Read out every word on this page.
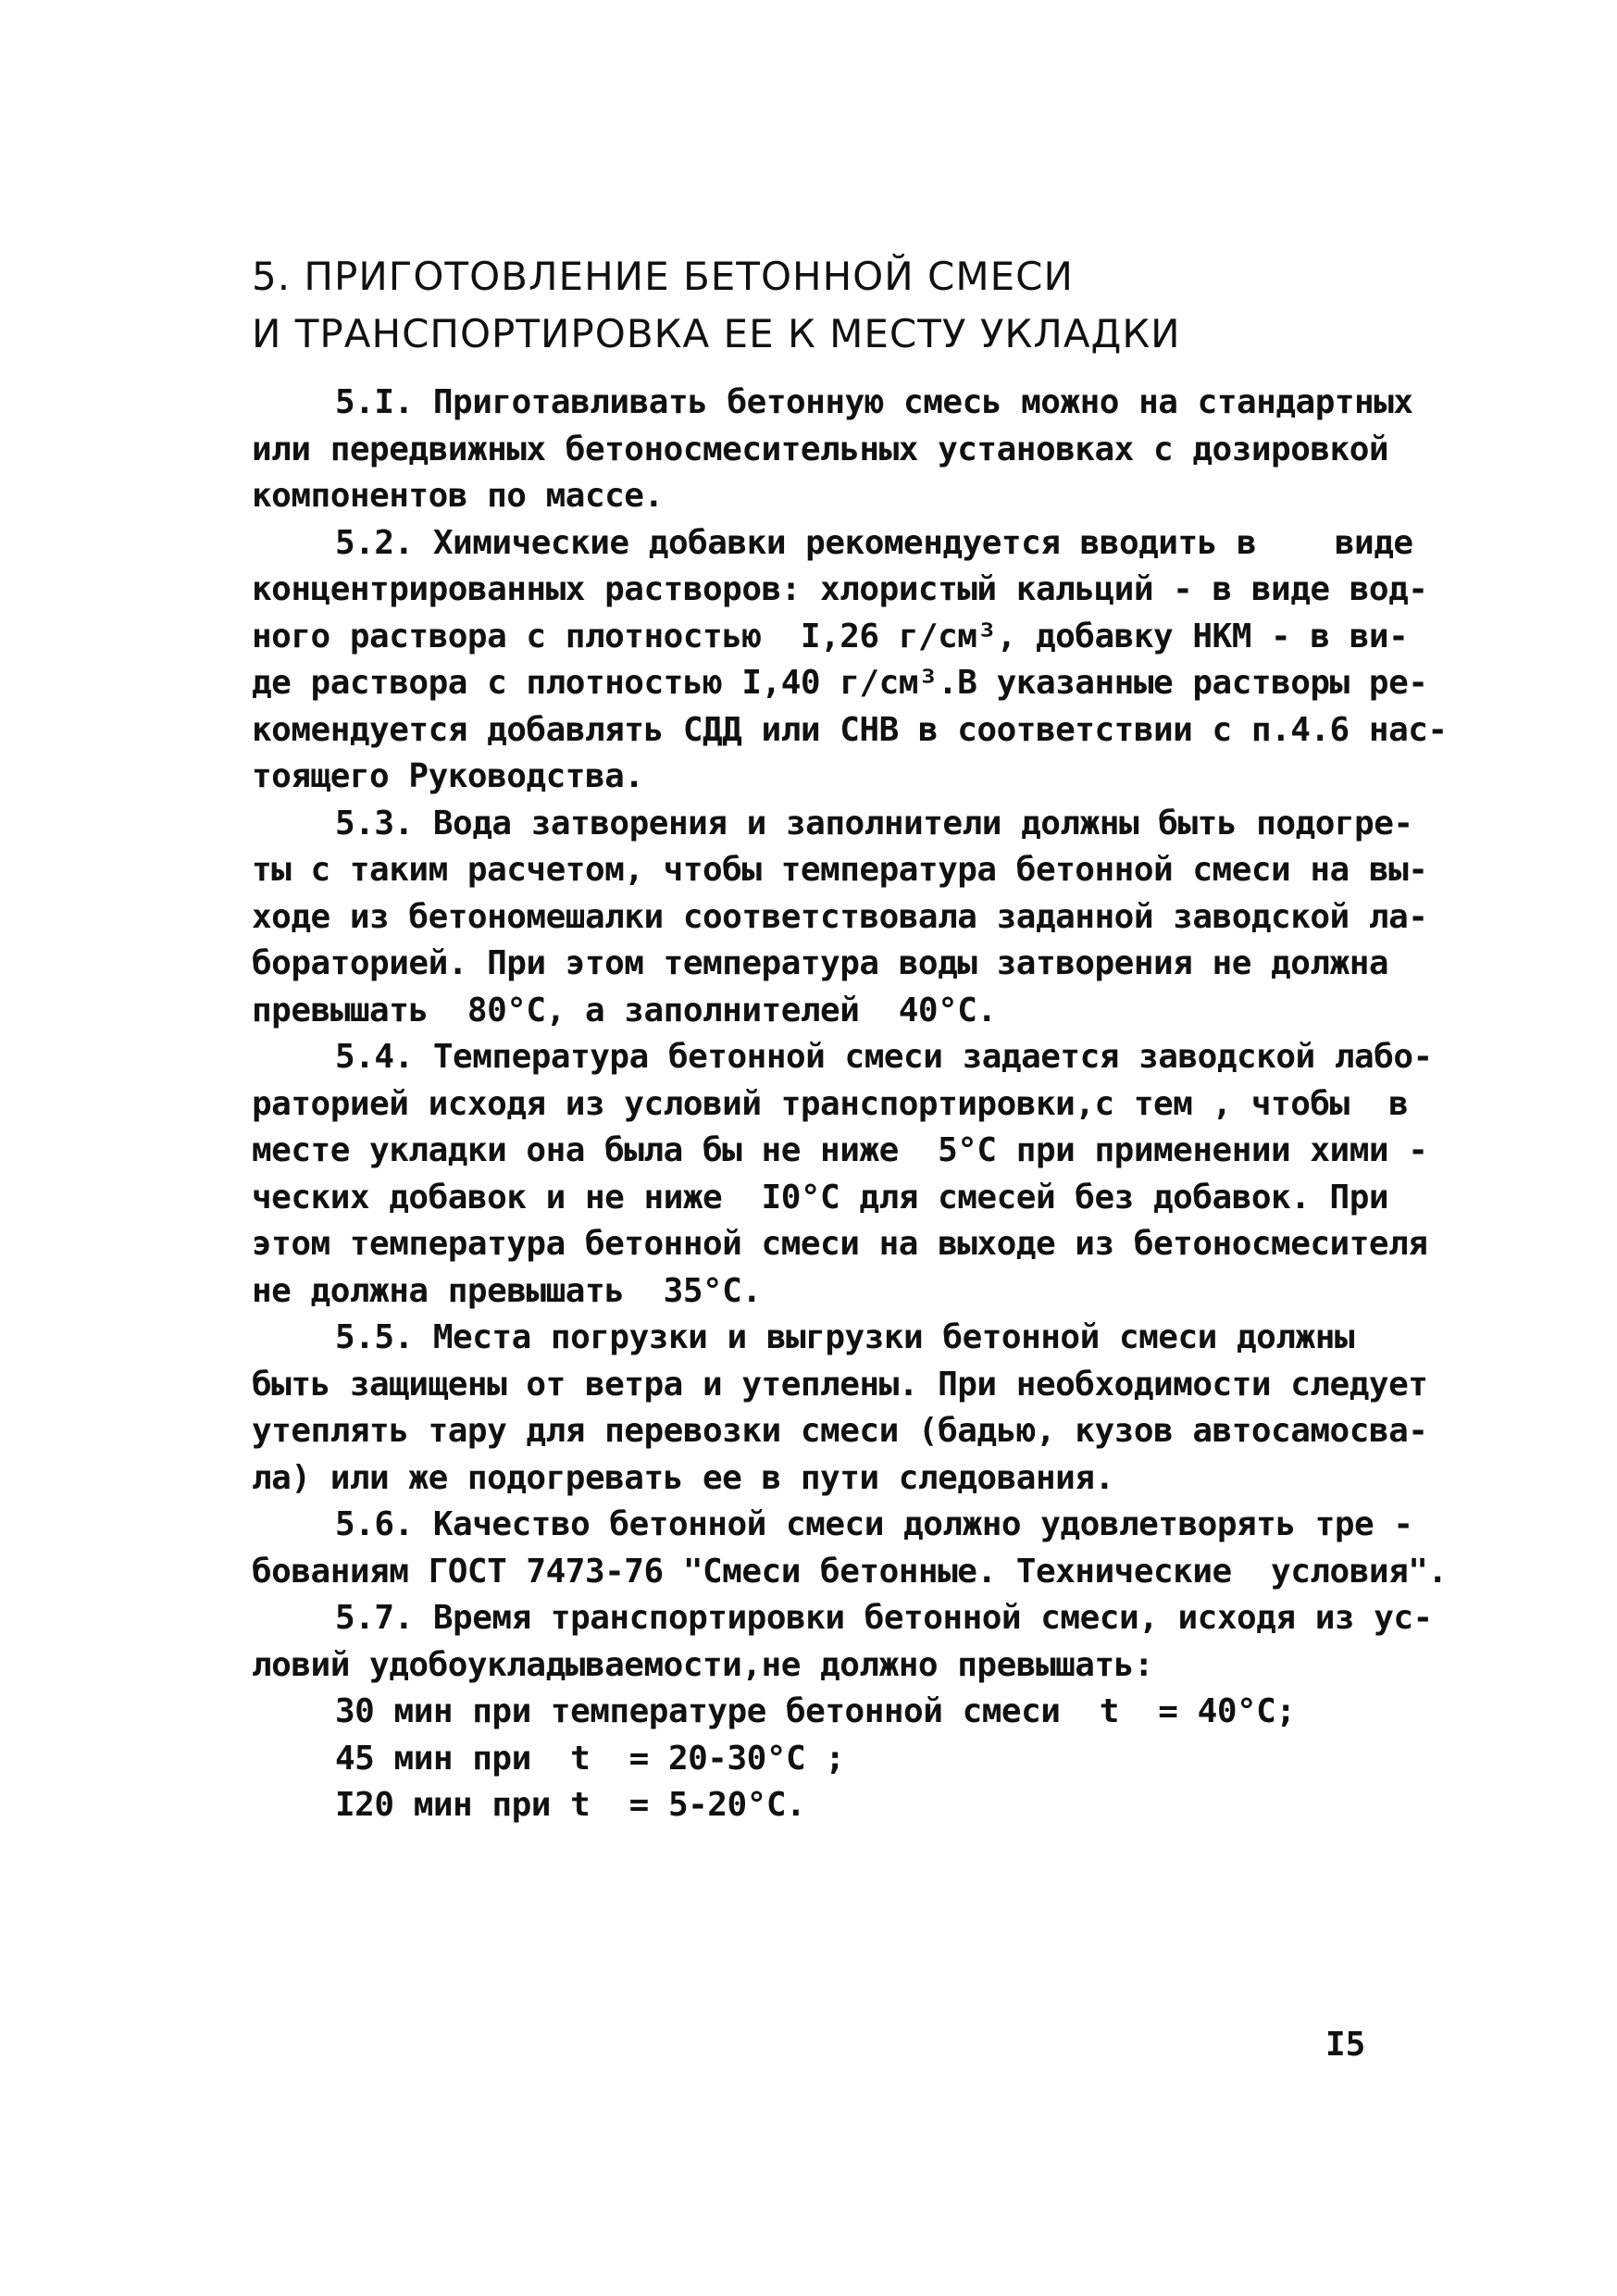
5. ПРИГОТОВЛЕНИЕ БЕТОННОЙ СМЕСИ
И ТРАНСПОРТИРОВКА ЕЕ К МЕСТУ УКЛАДКИ
5.I. Приготавливать бетонную смесь можно на стандартных
или передвижных бетоносмесительных установках с дозировкой
компонентов по массе.
5.2. Химические добавки рекомендуется вводить в    виде
концентрированных растворов: хлористый кальций - в виде вод-
ного раствора с плотностью  I,26 г/см³, добавку НКМ - в ви-
де раствора с плотностью I,40 г/см³.В указанные растворы ре-
комендуется добавлять СДД или СНВ в соответствии с п.4.6 нас-
тоящего Руководства.
5.3. Вода затворения и заполнители должны быть подогре-
ты с таким расчетом, чтобы температура бетонной смеси на вы-
ходе из бетономешалки соответствовала заданной заводской ла-
бораторией. При этом температура воды затворения не должна
превышать  80°С, а заполнителей  40°С.
5.4. Температура бетонной смеси задается заводской лабо-
раторией исходя из условий транспортировки,с тем , чтобы  в
месте укладки она была бы не ниже  5°С при применении хими -
ческих добавок и не ниже  I0°С для смесей без добавок. При
этом температура бетонной смеси на выходе из бетоносмесителя
не должна превышать  35°С.
5.5. Места погрузки и выгрузки бетонной смеси должны
быть защищены от ветра и утеплены. При необходимости следует
утеплять тару для перевозки смеси (бадью, кузов автосамосва-
ла) или же подогревать ее в пути следования.
5.6. Качество бетонной смеси должно удовлетворять тре -
бованиям ГОСТ 7473-76 "Смеси бетонные. Технические  условия".
5.7. Время транспортировки бетонной смеси, исходя из ус-
ловий удобоукладываемости,не должно превышать:
30 мин при температуре бетонной смеси  t  = 40°С;
45 мин при  t  = 20-30°С ;
I20 мин при t  = 5-20°С.
I5
